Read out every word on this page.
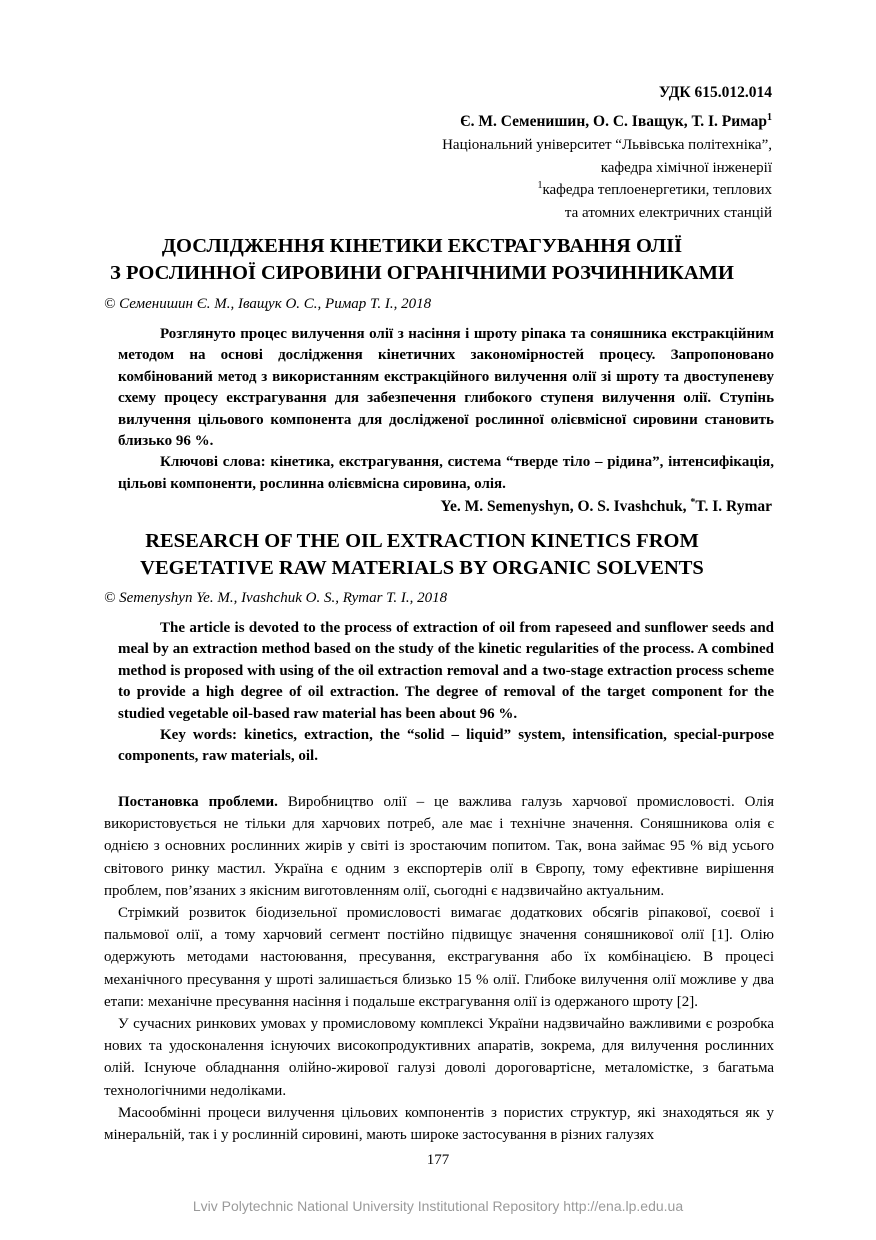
УДК 615.012.014
Є. М. Семенишин, О. С. Іващук, Т. І. Римар$^1$
Національний університет “Львівська політехніка”,
кафедра хімічної інженерії
$^1$кафедра теплоенергетики, теплових
та атомних електричних станцій
ДОСЛІДЖЕННЯ КІНЕТИКИ ЕКСТРАГУВАННЯ ОЛІЇ
З РОСЛИННОЇ СИРОВИНИ ОГРАНІЧНИМИ РОЗЧИННИКАМИ
© Семенишин Є. М., Іващук О. С., Римар Т. І., 2018

Розглянуто процес вилучення олії з насіння і шроту ріпака та соняшника екстракційним методом на основі дослідження кінетичних закономірностей процесу. Запропоновано комбінований метод з використанням екстракційного вилучення олії зі шроту та двоступеневу схему процесу екстрагування для забезпечення глибокого ступеня вилучення олії. Ступінь вилучення цільового компонента для дослідженої рослинної олієвмісної сировини становить близько 96 %.

Ключові слова: кінетика, екстрагування, система “тверде тіло – рідина”, інтенсифікація, цільові компоненти, рослинна олієвмісна сировина, олія.

Ye. M. Semenyshyn, O. S. Ivashchuk, *T. I. Rymar
RESEARCH OF THE OIL EXTRACTION KINETICS FROM
VEGETATIVE RAW MATERIALS BY ORGANIC SOLVENTS
© Semenyshyn Ye. M., Ivashchuk O. S., Rymar T. I., 2018

The article is devoted to the process of extraction of oil from rapeseed and sunflower seeds and meal by an extraction method based on the study of the kinetic regularities of the process. A combined method is proposed with using of the oil extraction removal and a two-stage extraction process scheme to provide a high degree of oil extraction. The degree of removal of the target component for the studied vegetable oil-based raw material has been about 96 %.

Key words: kinetics, extraction, the “solid – liquid” system, intensification, special-purpose components, raw materials, oil.

Постановка проблеми. Виробництво олії – це важлива галузь харчової промисловості. Олія використовується не тільки для харчових потреб, але має і технічне значення. Соняшникова олія є однією з основних рослинних жирів у світі із зростаючим попитом. Так, вона займає 95 % від усього світового ринку мастил. Україна є одним з експортерів олії в Європу, тому ефективне вирішення проблем, пов’язаних з якісним виготовленням олії, сьогодні є надзвичайно актуальним.

Стрімкий розвиток біодизельної промисловості вимагає додаткових обсягів ріпакової, соєвої і пальмової олії, а тому харчовий сегмент постійно підвищує значення соняшникової олії [1]. Олію одержують методами настоювання, пресування, екстрагування або їх комбінацією. В процесі механічного пресування у шроті залишається близько 15 % олії. Глибоке вилучення олії можливе у два етапи: механічне пресування насіння і подальше екстрагування олії із одержаного шроту [2].

У сучасних ринкових умовах у промисловому комплексі України надзвичайно важливими є розробка нових та удосконалення існуючих високопродуктивних апаратів, зокрема, для вилучення рослинних олій. Існуюче обладнання олійно-жирової галузі доволі дороговартісне, металомістке, з багатьма технологічними недоліками.

Масообмінні процеси вилучення цільових компонентів з пористих структур, які знаходяться як у мінеральній, так і у рослинній сировині, мають широке застосування в різних галузях

177
Lviv Polytechnic National University Institutional Repository http://ena.lp.edu.ua
